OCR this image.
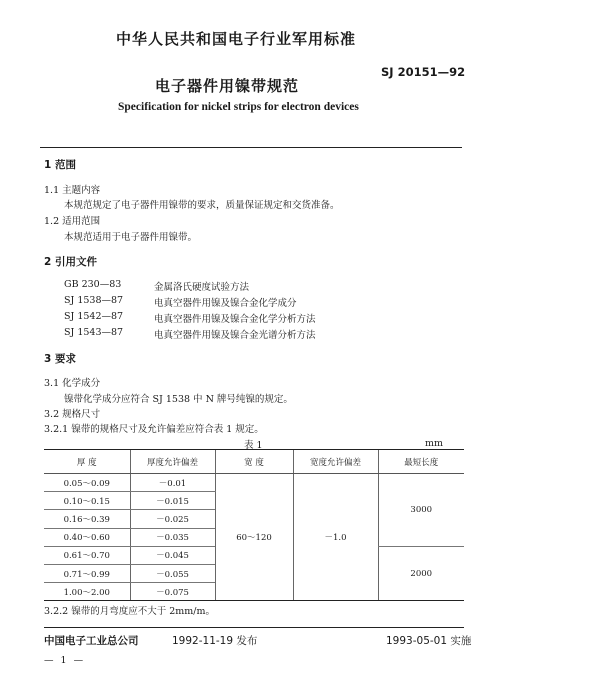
中华人民共和国电子行业军用标准
SJ 20151—92
电子器件用镍带规范
Specification for nickel strips for electron devices
1 范围
1.1 主题内容
本规范规定了电子器件用镍带的要求，质量保证规定和交货准备。
1.2 适用范围
本规范适用于电子器件用镍带。
2 引用文件
GB 230—83	金属洛氏硬度试验方法
SJ 1538—87	电真空器件用镍及镍合金化学成分
SJ 1542—87	电真空器件用镍及镍合金化学分析方法
SJ 1543—87	电真空器件用镍及镍合金光谱分析方法
3 要求
3.1 化学成分
镍带化学成分应符合 SJ 1538 中 N 牌号纯镍的规定。
3.2 规格尺寸
3.2.1 镍带的规格尺寸及允许偏差应符合表 1 规定。
表 1	mm
厚 度	厚度允许偏差	宽 度	宽度允许偏差	最短长度
0.05～0.09	－0.01	60～120	－1.0	3000
0.10～0.15	－0.015			
0.16～0.39	－0.025			
0.40～0.60	－0.035			
0.61～0.70	－0.045			2000
0.71～0.99	－0.055			
1.00～2.00	－0.075			
3.2.2 镍带的月弯度应不大于 2mm/m。
中国电子工业总公司	1992-11-19 发布	1993-05-01 实施
— 1 —
